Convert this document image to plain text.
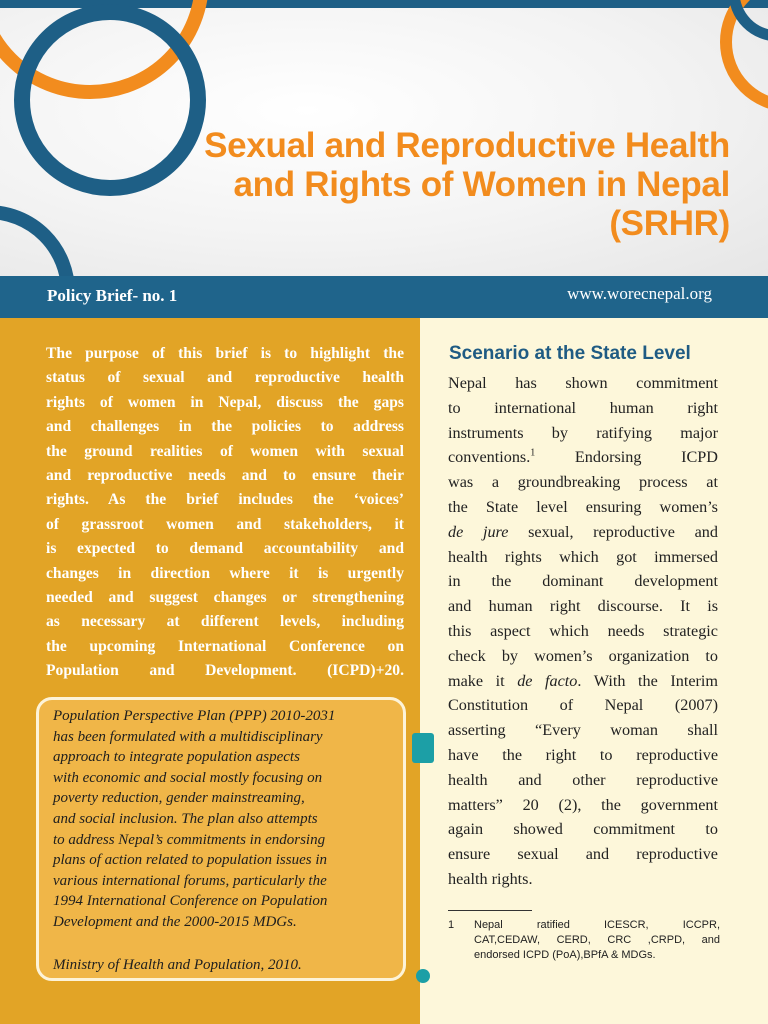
Sexual and Reproductive Health
and Rights of Women in Nepal
(SRHR)
Policy Brief- no. 1	www.worecnepal.org
The purpose of this brief is to highlight the
status of sexual and reproductive health
rights of women in Nepal, discuss the gaps
and challenges in the policies to address
the ground realities of women with sexual
and reproductive needs and to ensure their
rights. As the brief includes the ‘voices’
of grassroot women and stakeholders, it
is expected to demand accountability and
changes in direction where it is urgently
needed and suggest changes or strengthening
as necessary at different levels, including
the upcoming International Conference on
Population and Development. (ICPD)+20.
Population Perspective Plan (PPP) 2010-2031
has been formulated with a multidisciplinary
approach to integrate population aspects
with economic and social mostly focusing on
poverty reduction, gender mainstreaming,
and social inclusion. The plan also attempts
to address Nepal’s commitments in endorsing
plans of action related to population issues in
various international forums, particularly the
1994 International Conference on Population
Development and the 2000-2015 MDGs.
Ministry of Health and Population, 2010.
Scenario at the State Level
Nepal has shown commitment
to international human right
instruments by ratifying major
conventions.$^1$ Endorsing ICPD
was a groundbreaking process at
the State level ensuring women’s
de jure sexual, reproductive and
health rights which got immersed
in the dominant development
and human right discourse. It is
this aspect which needs strategic
check by women’s organization to
make it de facto. With the Interim
Constitution of Nepal (2007)
asserting “Every woman shall
have the right to reproductive
health and other reproductive
matters” 20 (2), the government
again showed commitment to
ensure sexual and reproductive
health rights.
1 Nepal ratified ICESCR, ICCPR,
CAT,CEDAW, CERD, CRC ,CRPD, and
endorsed ICPD (PoA),BPfA & MDGs.
